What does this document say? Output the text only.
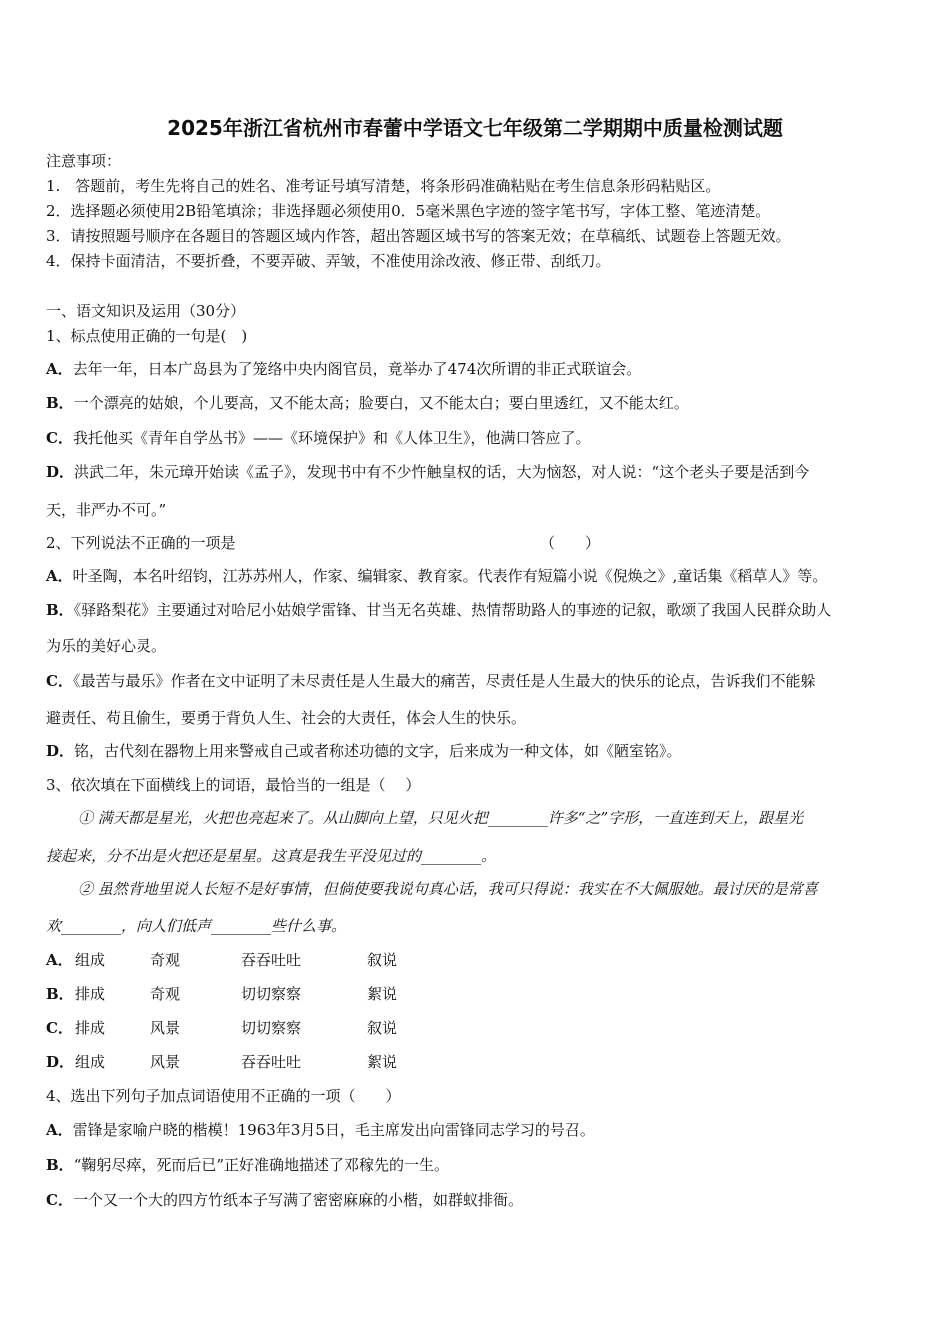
2025年浙江省杭州市春蕾中学语文七年级第二学期期中质量检测试题
注意事项：
1.　答题前，考生先将自己的姓名、准考证号填写清楚，将条形码准确粘贴在考生信息条形码粘贴区。
2．选择题必须使用2B铅笔填涂；非选择题必须使用0．5毫米黑色字迹的签字笔书写，字体工整、笔迹清楚。
3．请按照题号顺序在各题目的答题区域内作答，超出答题区域书写的答案无效；在草稿纸、试题卷上答题无效。
4．保持卡面清洁，不要折叠，不要弄破、弄皱，不准使用涂改液、修正带、刮纸刀。
一、语文知识及运用（30分）
1、标点使用正确的一句是(　)
A．去年一年，日本广岛县为了笼络中央内阁官员，竟举办了474次所谓的非正式联谊会。
B．一个漂亮的姑娘，个儿要高，又不能太高；脸要白，又不能太白；要白里透红，又不能太红。
C．我托他买《青年自学丛书》——《环境保护》和《人体卫生》，他满口答应了。
D．洪武二年，朱元璋开始读《孟子》，发现书中有不少忤触皇权的话，大为恼怒，对人说：“这个老头子要是活到今
天，非严办不可。”
2、下列说法不正确的一项是	（　　）
A．叶圣陶，本名叶绍钧，江苏苏州人，作家、编辑家、教育家。代表作有短篇小说《倪焕之》,童话集《稻草人》等。
B．《驿路梨花》主要通过对哈尼小姑娘学雷锋、甘当无名英雄、热情帮助路人的事迹的记叙，歌颂了我国人民群众助人
为乐的美好心灵。
C．《最苦与最乐》作者在文中证明了未尽责任是人生最大的痛苦，尽责任是人生最大的快乐的论点，告诉我们不能躲
避责任、苟且偷生，要勇于背负人生、社会的大责任，体会人生的快乐。
D．铭，古代刻在器物上用来警戒自己或者称述功德的文字，后来成为一种文体，如《陋室铭》。
3、依次填在下面横线上的词语，最恰当的一组是（　 ）
① 满天都是星光，火把也亮起来了。从山脚向上望，只见火把________许多“之”字形，一直连到天上，跟星光
接起来，分不出是火把还是星星。这真是我生平没见过的________。
② 虽然背地里说人长短不是好事情，但倘使要我说句真心话，我可只得说：我实在不大佩服她。最讨厌的是常喜
欢________，向人们低声________些什么事。
A． 组成	奇观	吞吞吐吐	叙说
B． 排成	奇观	切切察察	絮说
C． 排成	风景	切切察察	叙说
D． 组成	风景	吞吞吐吐	絮说
4、选出下列句子加点词语使用不正确的一项（　　）
A．雷锋是家喻户晓的楷模！1963年3月5日，毛主席发出向雷锋同志学习的号召。
B．“鞠躬尽瘁，死而后已”正好准确地描述了邓稼先的一生。
C．一个又一个大的四方竹纸本子写满了密密麻麻的小楷，如群蚁排衙。
